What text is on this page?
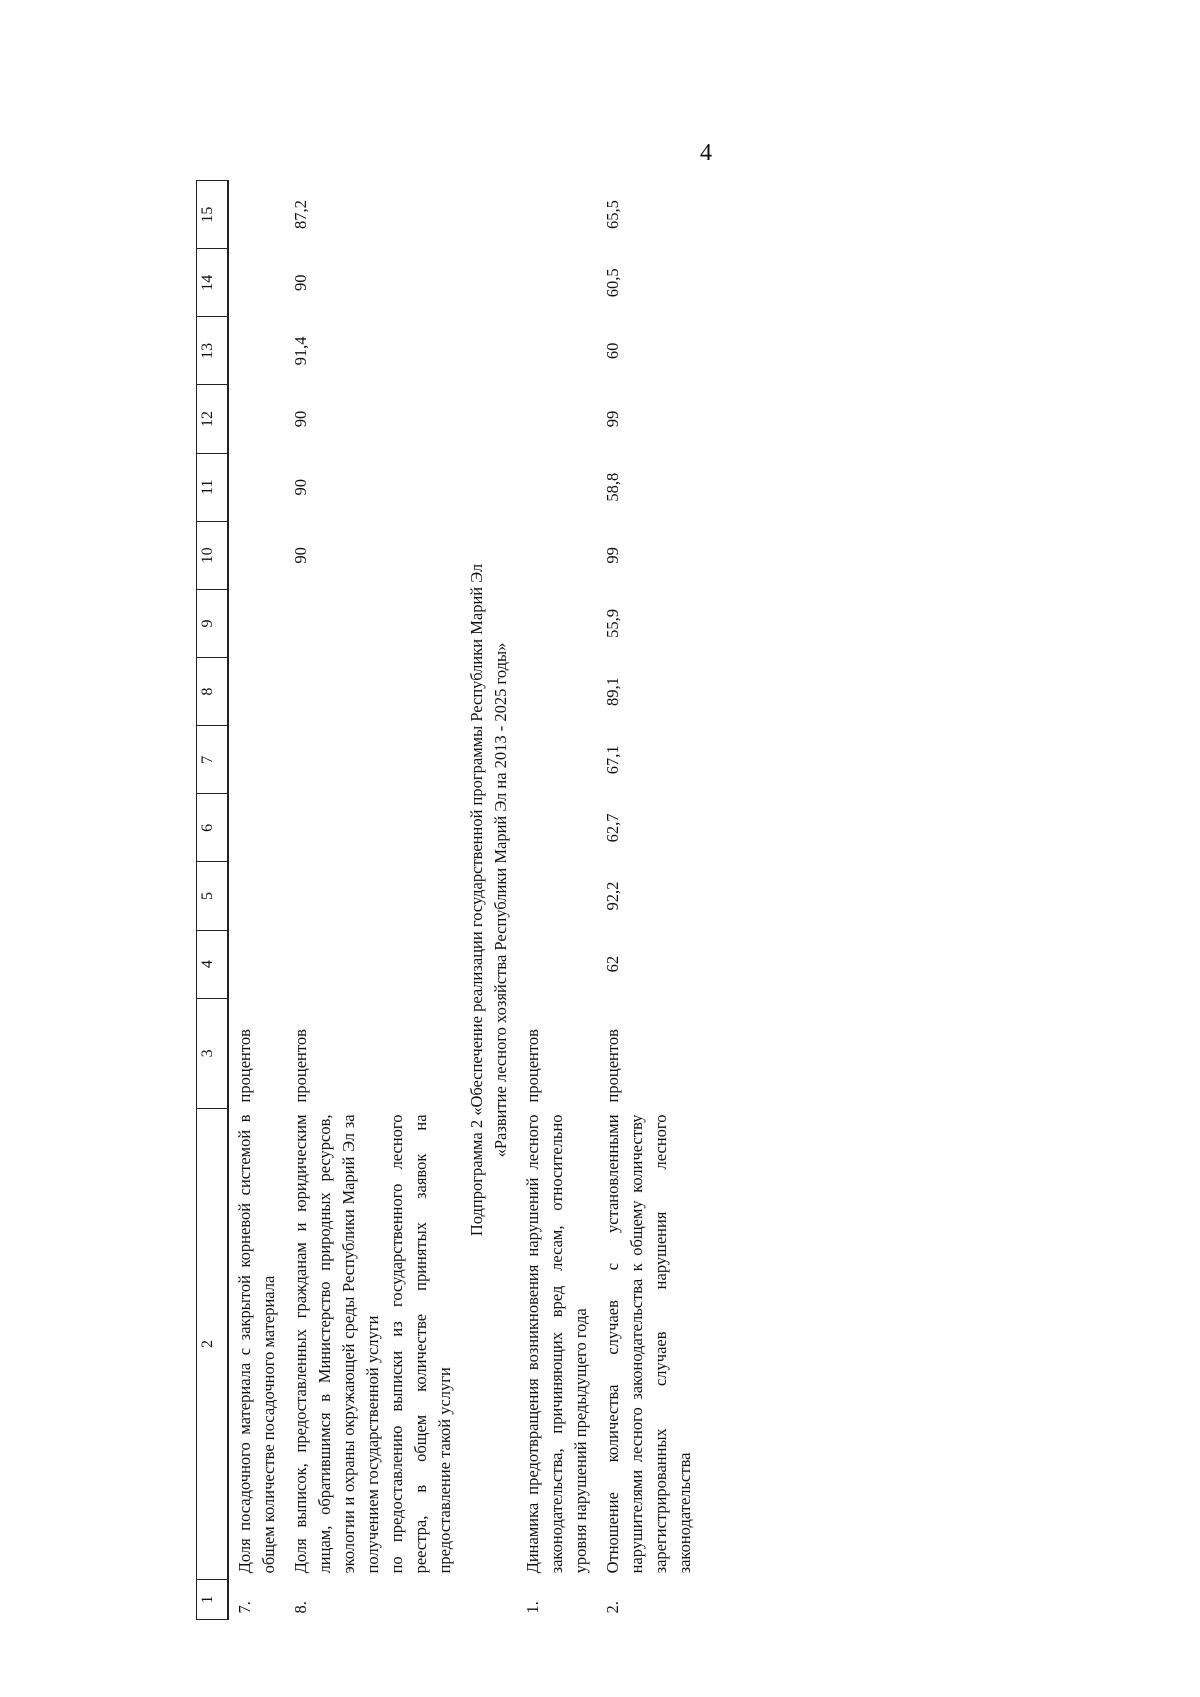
4
1	2	3	4	5	6	7	8	9	10	11	12	13	14	15
7.	Доля посадочного материала с закрытой корневой системой в общем количестве посадочного материала	процентов												
8.	Доля выписок, предоставленных гражданам и юридическим лицам, обратившимся в Министерство природных ресурсов, экологии и охраны окружающей среды Республики Марий Эл за получением государственной услуги по предоставлению выписки из государственного лесного реестра, в общем количестве принятых заявок на предоставление такой услуги	процентов							90	90	90	91,4	90	87,2

Подпрограмма 2 «Обеспечение реализации государственной программы Республики Марий Эл «Развитие лесного хозяйства Республики Марий Эл на 2013 - 2025 годы»														

1.	Динамика предотвращения возникновения нарушений лесного законодательства, причиняющих вред лесам, относительно уровня нарушений предыдущего года	процентов												
2.	Отношение количества случаев с установленными нарушителями лесного законодательства к общему количеству зарегистрированных случаев нарушения лесного законодательства	процентов	62	92,2	62,7	67,1	89,1	55,9	99	58,8	99	60	60,5	65,5
